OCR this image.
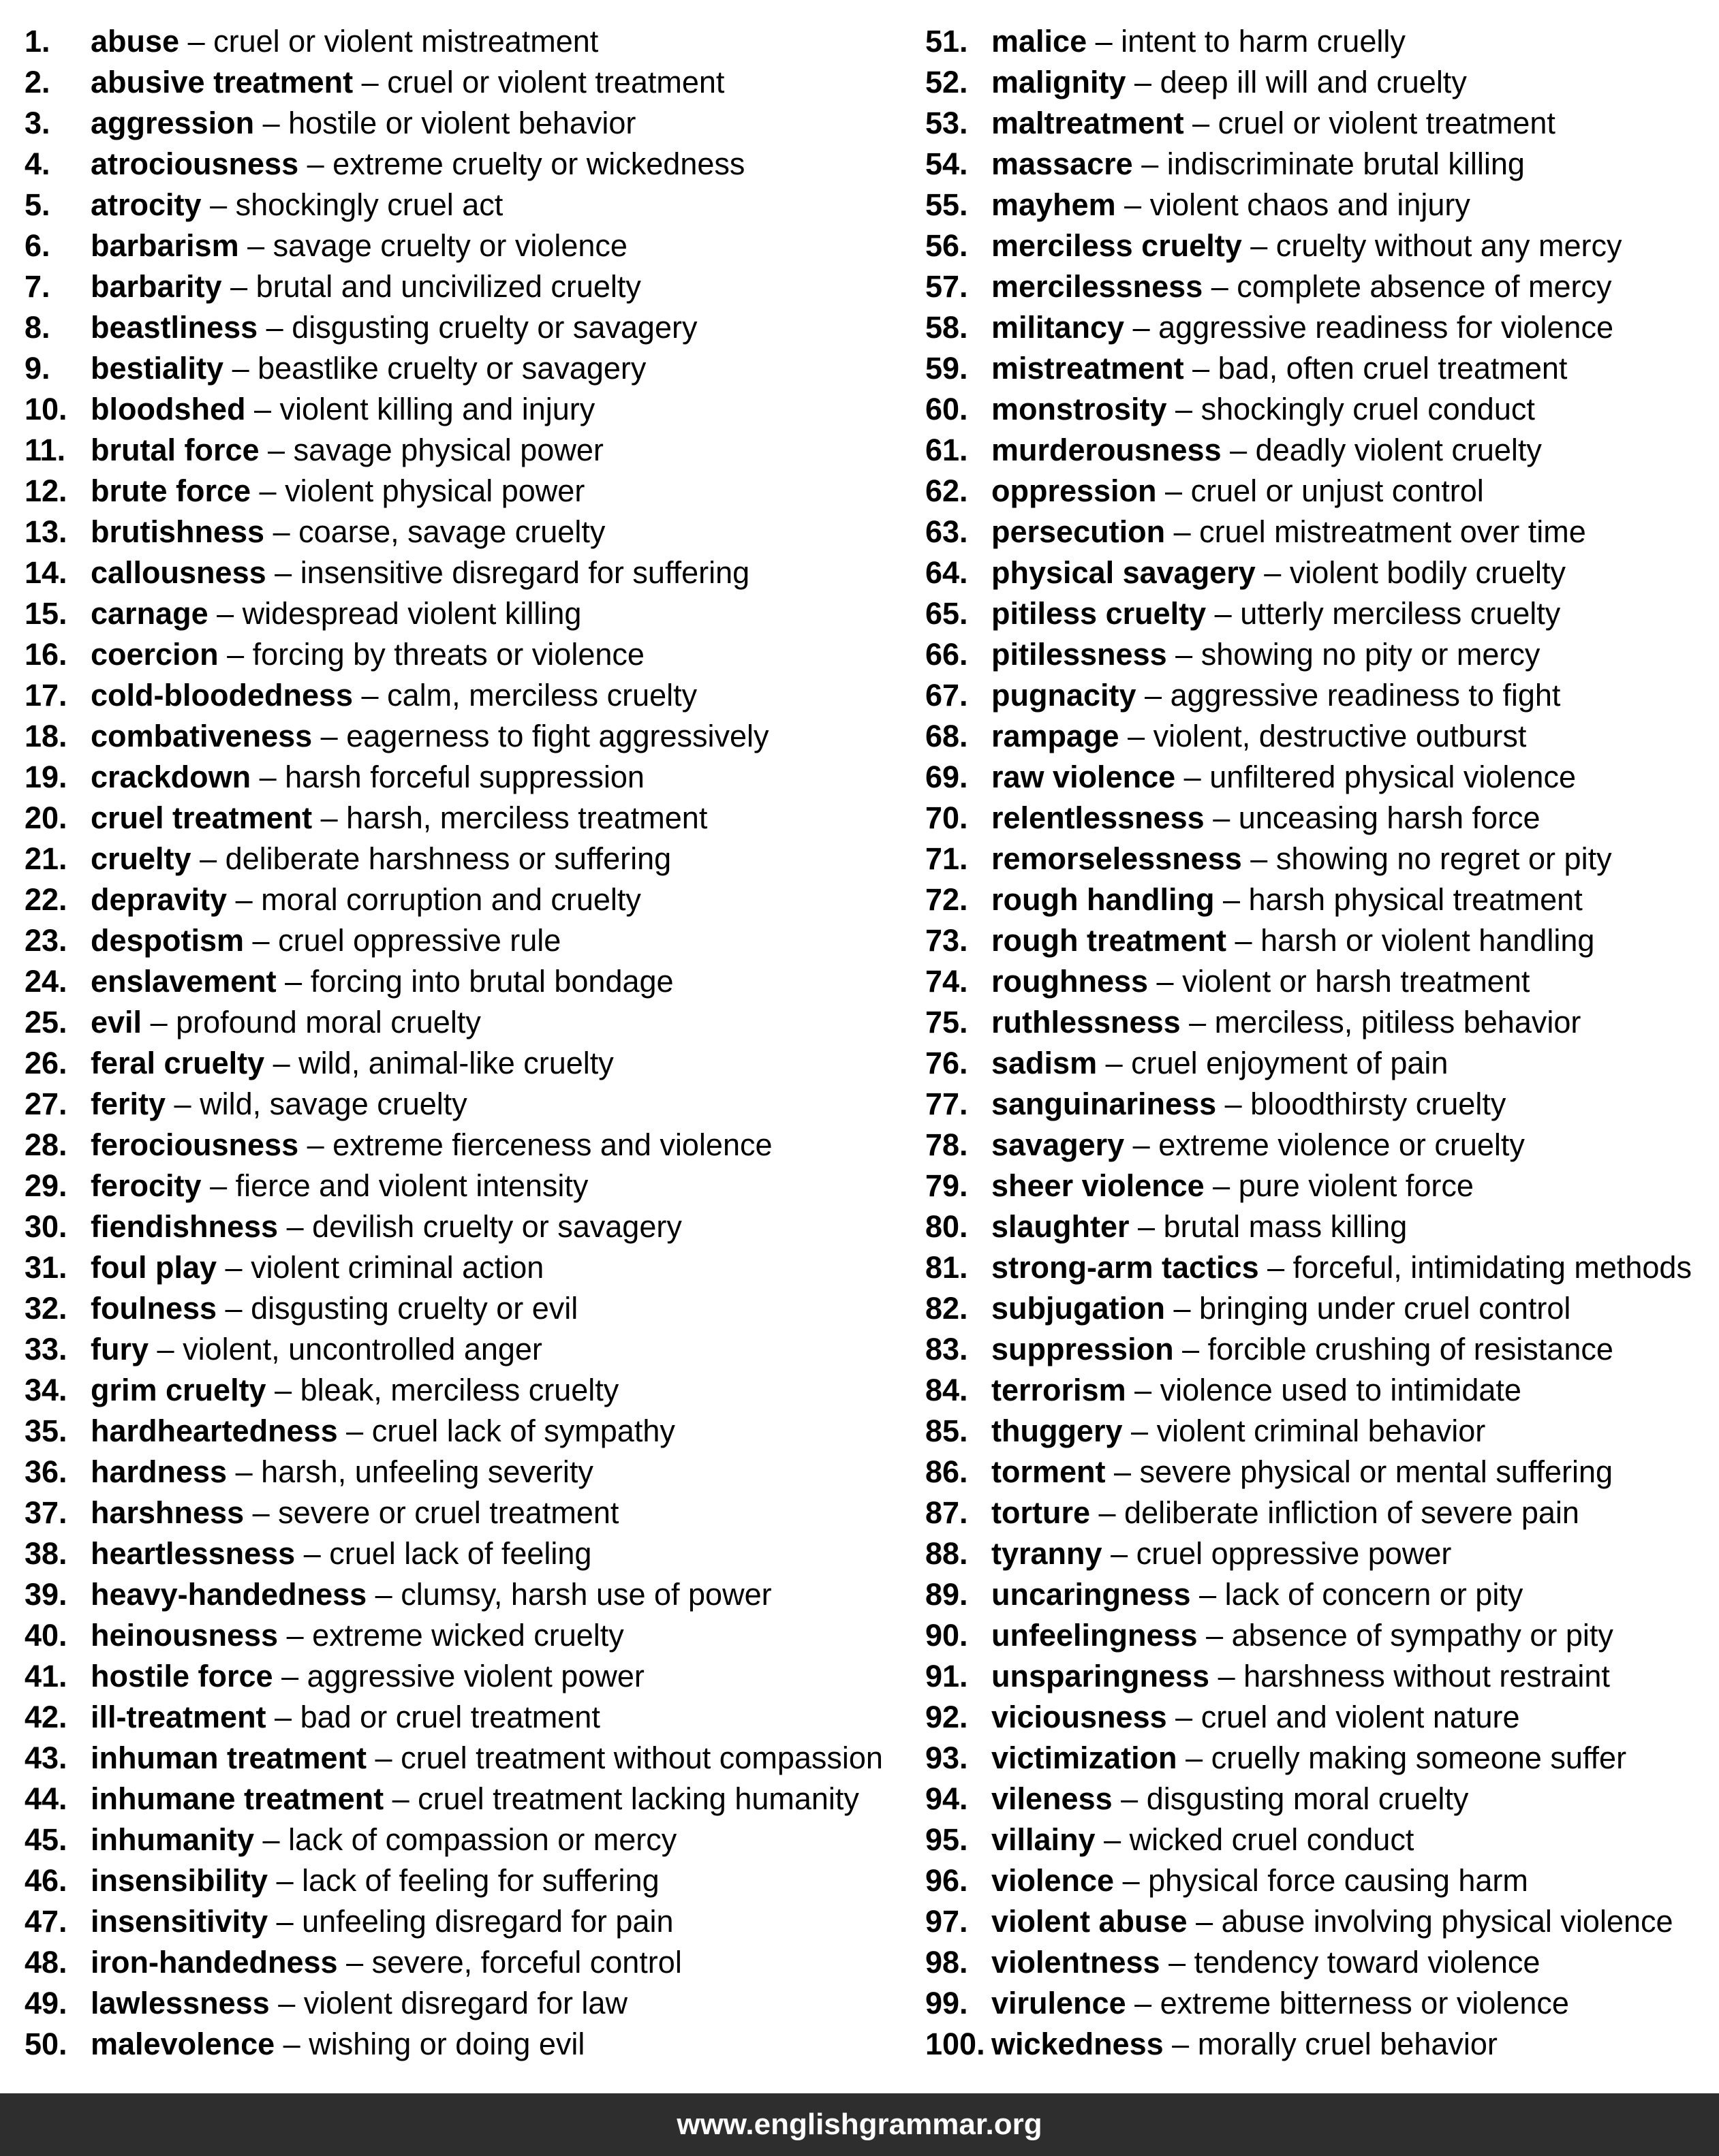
1. abuse – cruel or violent mistreatment
2. abusive treatment – cruel or violent treatment
3. aggression – hostile or violent behavior
4. atrociousness – extreme cruelty or wickedness
5. atrocity – shockingly cruel act
6. barbarism – savage cruelty or violence
7. barbarity – brutal and uncivilized cruelty
8. beastliness – disgusting cruelty or savagery
9. bestiality – beastlike cruelty or savagery
10. bloodshed – violent killing and injury
11. brutal force – savage physical power
12. brute force – violent physical power
13. brutishness – coarse, savage cruelty
14. callousness – insensitive disregard for suffering
15. carnage – widespread violent killing
16. coercion – forcing by threats or violence
17. cold-bloodedness – calm, merciless cruelty
18. combativeness – eagerness to fight aggressively
19. crackdown – harsh forceful suppression
20. cruel treatment – harsh, merciless treatment
21. cruelty – deliberate harshness or suffering
22. depravity – moral corruption and cruelty
23. despotism – cruel oppressive rule
24. enslavement – forcing into brutal bondage
25. evil – profound moral cruelty
26. feral cruelty – wild, animal-like cruelty
27. ferity – wild, savage cruelty
28. ferociousness – extreme fierceness and violence
29. ferocity – fierce and violent intensity
30. fiendishness – devilish cruelty or savagery
31. foul play – violent criminal action
32. foulness – disgusting cruelty or evil
33. fury – violent, uncontrolled anger
34. grim cruelty – bleak, merciless cruelty
35. hardheartedness – cruel lack of sympathy
36. hardness – harsh, unfeeling severity
37. harshness – severe or cruel treatment
38. heartlessness – cruel lack of feeling
39. heavy-handedness – clumsy, harsh use of power
40. heinousness – extreme wicked cruelty
41. hostile force – aggressive violent power
42. ill-treatment – bad or cruel treatment
43. inhuman treatment – cruel treatment without compassion
44. inhumane treatment – cruel treatment lacking humanity
45. inhumanity – lack of compassion or mercy
46. insensibility – lack of feeling for suffering
47. insensitivity – unfeeling disregard for pain
48. iron-handedness – severe, forceful control
49. lawlessness – violent disregard for law
50. malevolence – wishing or doing evil
51. malice – intent to harm cruelly
52. malignity – deep ill will and cruelty
53. maltreatment – cruel or violent treatment
54. massacre – indiscriminate brutal killing
55. mayhem – violent chaos and injury
56. merciless cruelty – cruelty without any mercy
57. mercilessness – complete absence of mercy
58. militancy – aggressive readiness for violence
59. mistreatment – bad, often cruel treatment
60. monstrosity – shockingly cruel conduct
61. murderousness – deadly violent cruelty
62. oppression – cruel or unjust control
63. persecution – cruel mistreatment over time
64. physical savagery – violent bodily cruelty
65. pitiless cruelty – utterly merciless cruelty
66. pitilessness – showing no pity or mercy
67. pugnacity – aggressive readiness to fight
68. rampage – violent, destructive outburst
69. raw violence – unfiltered physical violence
70. relentlessness – unceasing harsh force
71. remorselessness – showing no regret or pity
72. rough handling – harsh physical treatment
73. rough treatment – harsh or violent handling
74. roughness – violent or harsh treatment
75. ruthlessness – merciless, pitiless behavior
76. sadism – cruel enjoyment of pain
77. sanguinariness – bloodthirsty cruelty
78. savagery – extreme violence or cruelty
79. sheer violence – pure violent force
80. slaughter – brutal mass killing
81. strong-arm tactics – forceful, intimidating methods
82. subjugation – bringing under cruel control
83. suppression – forcible crushing of resistance
84. terrorism – violence used to intimidate
85. thuggery – violent criminal behavior
86. torment – severe physical or mental suffering
87. torture – deliberate infliction of severe pain
88. tyranny – cruel oppressive power
89. uncaringness – lack of concern or pity
90. unfeelingness – absence of sympathy or pity
91. unsparingness – harshness without restraint
92. viciousness – cruel and violent nature
93. victimization – cruelly making someone suffer
94. vileness – disgusting moral cruelty
95. villainy – wicked cruel conduct
96. violence – physical force causing harm
97. violent abuse – abuse involving physical violence
98. violentness – tendency toward violence
99. virulence – extreme bitterness or violence
100. wickedness – morally cruel behavior
www.englishgrammar.org
